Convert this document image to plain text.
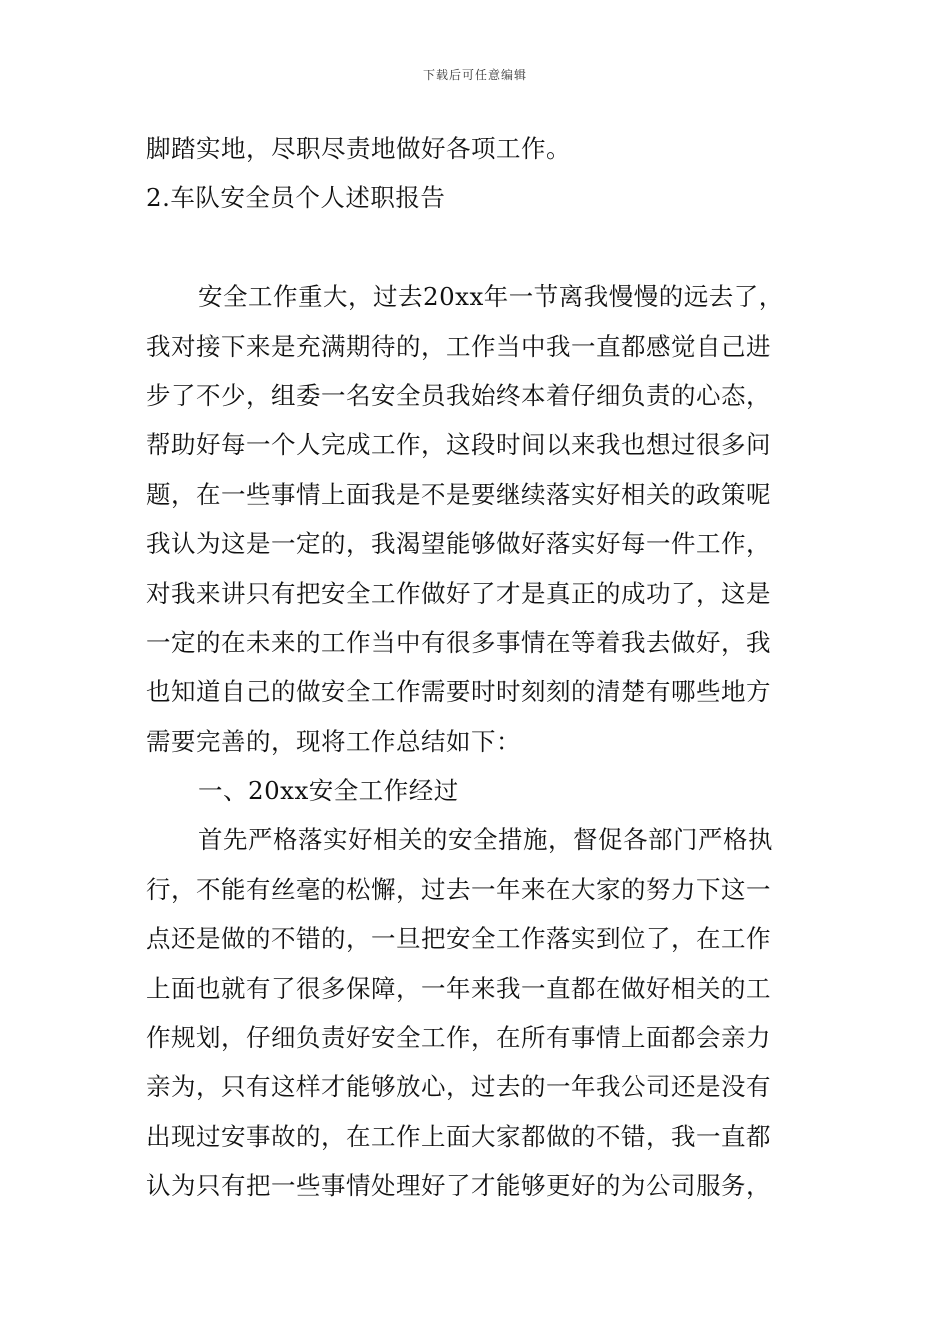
下载后可任意编辑
脚踏实地，尽职尽责地做好各项工作。
2.车队安全员个人述职报告
安全工作重大，过去20xx年一节离我慢慢的远去了，
我对接下来是充满期待的，工作当中我一直都感觉自己进
步了不少，组委一名安全员我始终本着仔细负责的心态，
帮助好每一个人完成工作，这段时间以来我也想过很多问
题，在一些事情上面我是不是要继续落实好相关的政策呢
我认为这是一定的，我渴望能够做好落实好每一件工作，
对我来讲只有把安全工作做好了才是真正的成功了，这是
一定的在未来的工作当中有很多事情在等着我去做好，我
也知道自己的做安全工作需要时时刻刻的清楚有哪些地方
需要完善的，现将工作总结如下：
一、20xx安全工作经过
首先严格落实好相关的安全措施，督促各部门严格执
行，不能有丝毫的松懈，过去一年来在大家的努力下这一
点还是做的不错的，一旦把安全工作落实到位了，在工作
上面也就有了很多保障，一年来我一直都在做好相关的工
作规划，仔细负责好安全工作，在所有事情上面都会亲力
亲为，只有这样才能够放心，过去的一年我公司还是没有
出现过安事故的，在工作上面大家都做的不错，我一直都
认为只有把一些事情处理好了才能够更好的为公司服务，
